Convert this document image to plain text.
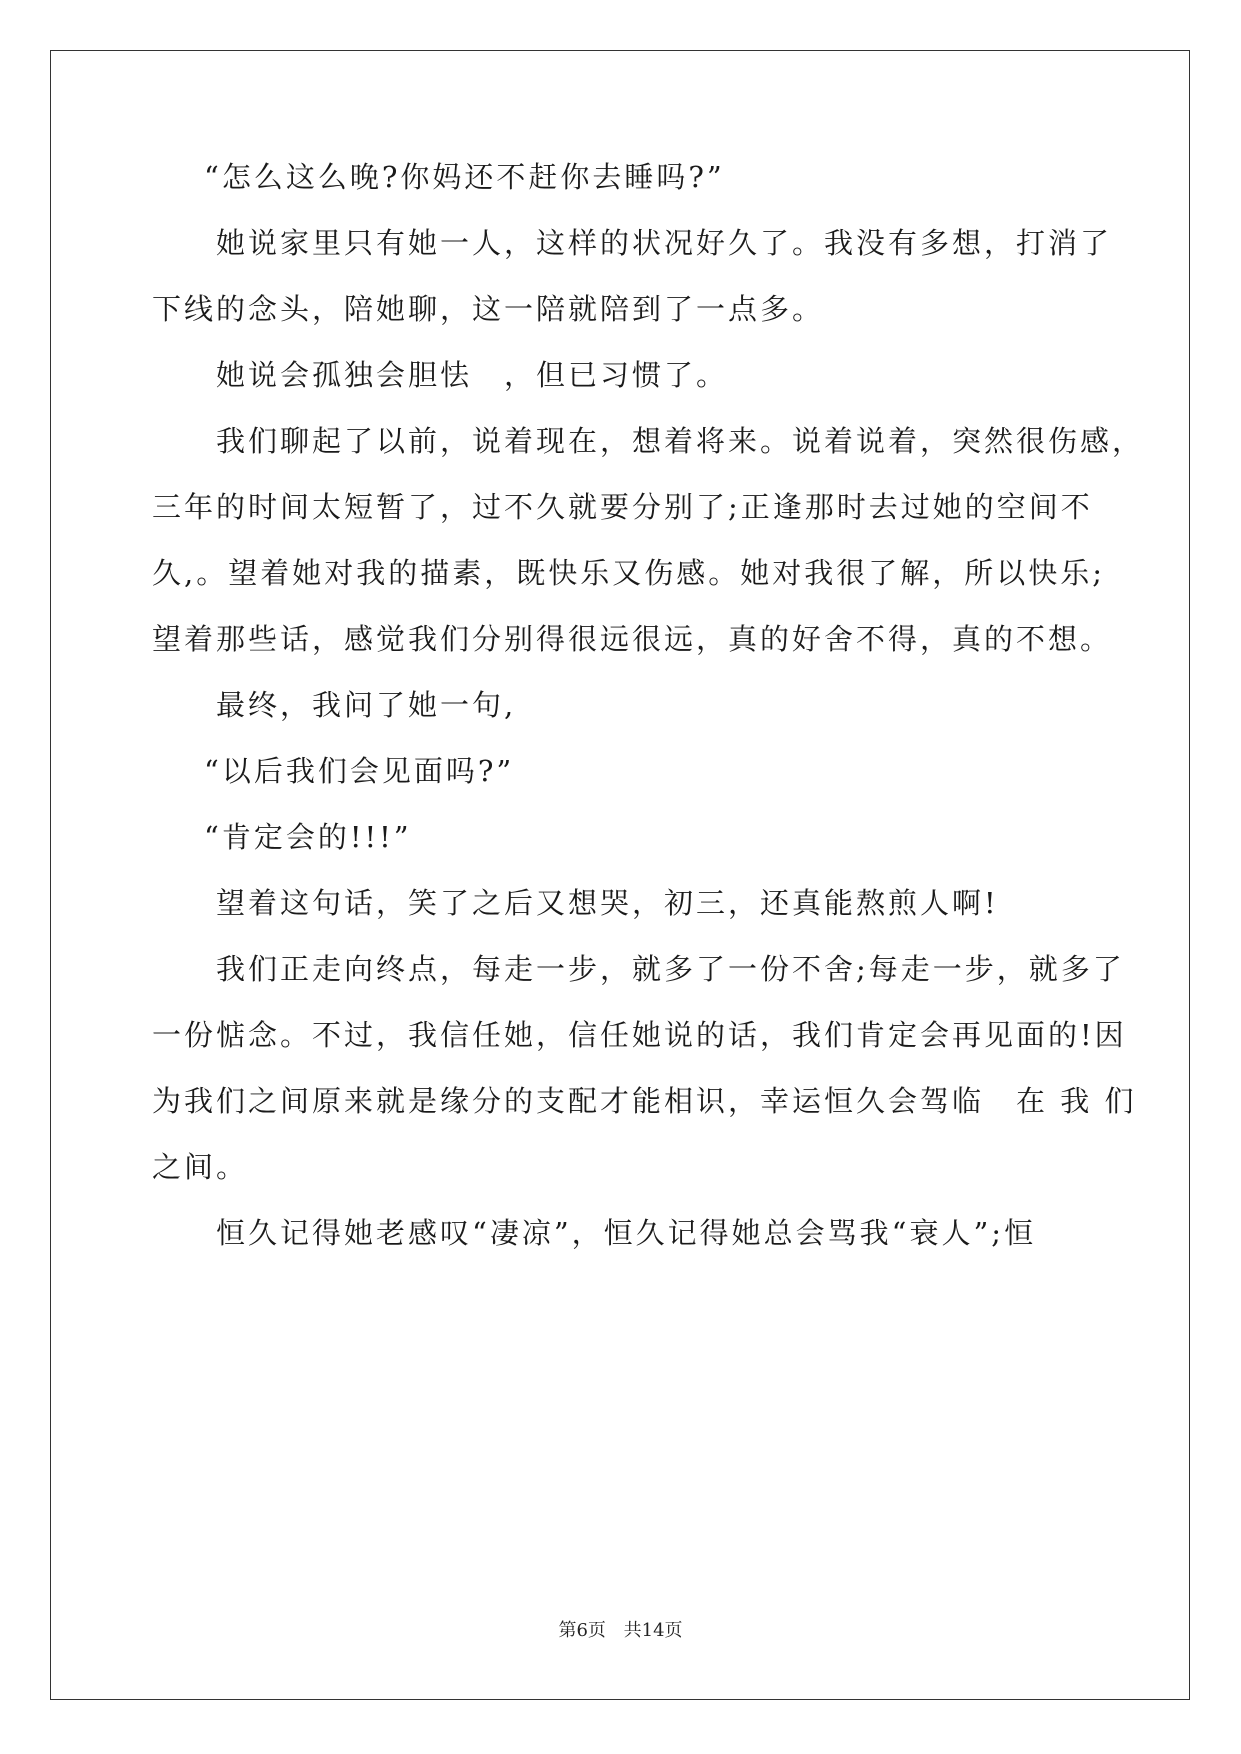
“怎么这么晚?你妈还不赶你去睡吗?”
她说家里只有她一人，这样的状况好久了。我没有多想，打消了
下线的念头，陪她聊，这一陪就陪到了一点多。
她说会孤独会胆怯　，但已习惯了。
我们聊起了以前，说着现在，想着将来。说着说着，突然很伤感，
三年的时间太短暂了，过不久就要分别了;正逢那时去过她的空间不
久,。望着她对我的描素，既快乐又伤感。她对我很了解，所以快乐;
望着那些话，感觉我们分别得很远很远，真的好舍不得，真的不想。
最终，我问了她一句,
“以后我们会见面吗?”
“肯定会的!!!”
望着这句话，笑了之后又想哭，初三，还真能熬煎人啊!
我们正走向终点，每走一步，就多了一份不舍;每走一步，就多了
一份惦念。不过，我信任她，信任她说的话，我们肯定会再见面的!因
为我们之间原来就是缘分的支配才能相识，幸运恒久会驾临　在 我 们
之间。
恒久记得她老感叹“凄凉”，恒久记得她总会骂我“衰人”;恒
第6页 共14页
